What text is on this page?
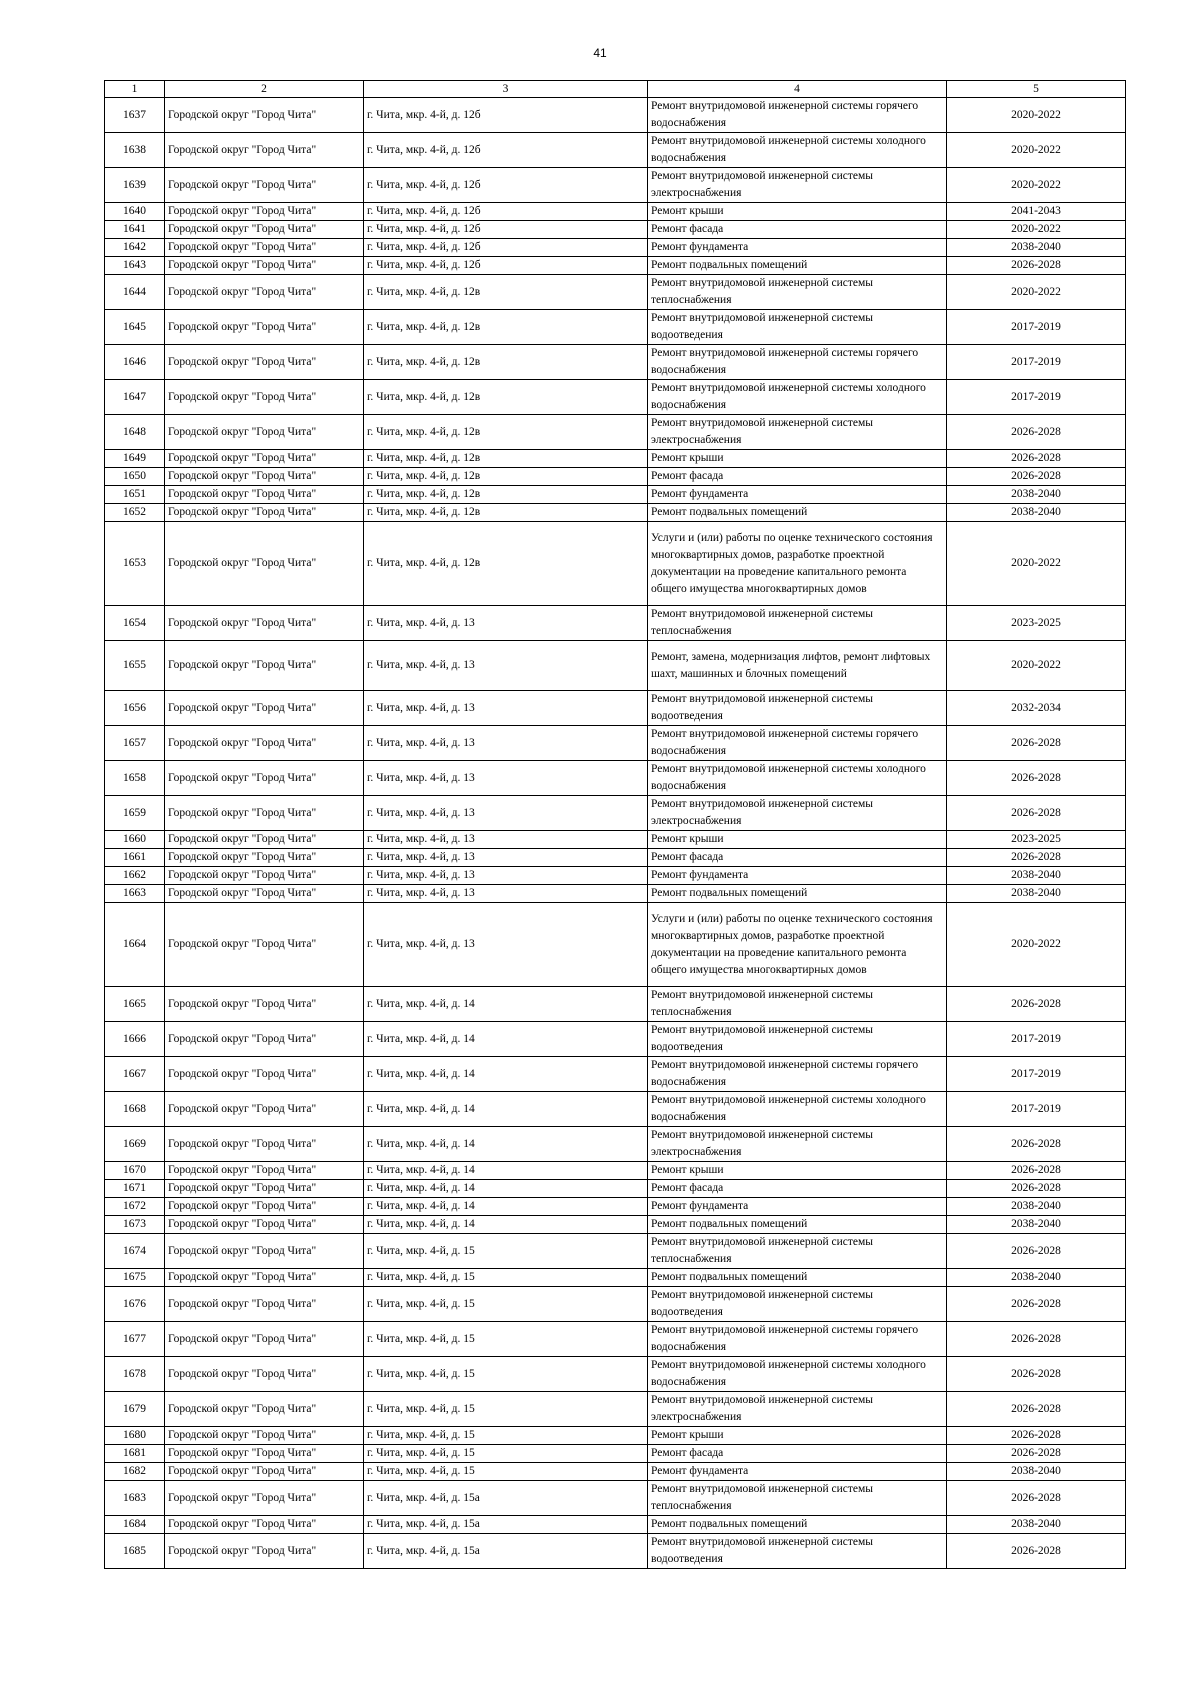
41
1	2	3	4	5
1637	Городской округ "Город Чита"	г. Чита, мкр. 4-й, д. 12б	Ремонт внутридомовой инженерной системы горячего водоснабжения	2020-2022
1638	Городской округ "Город Чита"	г. Чита, мкр. 4-й, д. 12б	Ремонт внутридомовой инженерной системы холодного водоснабжения	2020-2022
1639	Городской округ "Город Чита"	г. Чита, мкр. 4-й, д. 12б	Ремонт внутридомовой инженерной системы электроснабжения	2020-2022
1640	Городской округ "Город Чита"	г. Чита, мкр. 4-й, д. 12б	Ремонт крыши	2041-2043
1641	Городской округ "Город Чита"	г. Чита, мкр. 4-й, д. 12б	Ремонт фасада	2020-2022
1642	Городской округ "Город Чита"	г. Чита, мкр. 4-й, д. 12б	Ремонт фундамента	2038-2040
1643	Городской округ "Город Чита"	г. Чита, мкр. 4-й, д. 12б	Ремонт подвальных помещений	2026-2028
1644	Городской округ "Город Чита"	г. Чита, мкр. 4-й, д. 12в	Ремонт внутридомовой инженерной системы теплоснабжения	2020-2022
1645	Городской округ "Город Чита"	г. Чита, мкр. 4-й, д. 12в	Ремонт внутридомовой инженерной системы водоотведения	2017-2019
1646	Городской округ "Город Чита"	г. Чита, мкр. 4-й, д. 12в	Ремонт внутридомовой инженерной системы горячего водоснабжения	2017-2019
1647	Городской округ "Город Чита"	г. Чита, мкр. 4-й, д. 12в	Ремонт внутридомовой инженерной системы холодного водоснабжения	2017-2019
1648	Городской округ "Город Чита"	г. Чита, мкр. 4-й, д. 12в	Ремонт внутридомовой инженерной системы электроснабжения	2026-2028
1649	Городской округ "Город Чита"	г. Чита, мкр. 4-й, д. 12в	Ремонт крыши	2026-2028
1650	Городской округ "Город Чита"	г. Чита, мкр. 4-й, д. 12в	Ремонт фасада	2026-2028
1651	Городской округ "Город Чита"	г. Чита, мкр. 4-й, д. 12в	Ремонт фундамента	2038-2040
1652	Городской округ "Город Чита"	г. Чита, мкр. 4-й, д. 12в	Ремонт подвальных помещений	2038-2040
1653	Городской округ "Город Чита"	г. Чита, мкр. 4-й, д. 12в	Услуги и (или) работы по оценке технического состояния многоквартирных домов, разработке проектной документации на проведение капитального ремонта общего имущества многоквартирных домов	2020-2022
1654	Городской округ "Город Чита"	г. Чита, мкр. 4-й, д. 13	Ремонт внутридомовой инженерной системы теплоснабжения	2023-2025
1655	Городской округ "Город Чита"	г. Чита, мкр. 4-й, д. 13	Ремонт, замена, модернизация лифтов, ремонт лифтовых шахт, машинных и блочных помещений	2020-2022
1656	Городской округ "Город Чита"	г. Чита, мкр. 4-й, д. 13	Ремонт внутридомовой инженерной системы водоотведения	2032-2034
1657	Городской округ "Город Чита"	г. Чита, мкр. 4-й, д. 13	Ремонт внутридомовой инженерной системы горячего водоснабжения	2026-2028
1658	Городской округ "Город Чита"	г. Чита, мкр. 4-й, д. 13	Ремонт внутридомовой инженерной системы холодного водоснабжения	2026-2028
1659	Городской округ "Город Чита"	г. Чита, мкр. 4-й, д. 13	Ремонт внутридомовой инженерной системы электроснабжения	2026-2028
1660	Городской округ "Город Чита"	г. Чита, мкр. 4-й, д. 13	Ремонт крыши	2023-2025
1661	Городской округ "Город Чита"	г. Чита, мкр. 4-й, д. 13	Ремонт фасада	2026-2028
1662	Городской округ "Город Чита"	г. Чита, мкр. 4-й, д. 13	Ремонт фундамента	2038-2040
1663	Городской округ "Город Чита"	г. Чита, мкр. 4-й, д. 13	Ремонт подвальных помещений	2038-2040
1664	Городской округ "Город Чита"	г. Чита, мкр. 4-й, д. 13	Услуги и (или) работы по оценке технического состояния многоквартирных домов, разработке проектной документации на проведение капитального ремонта общего имущества многоквартирных домов	2020-2022
1665	Городской округ "Город Чита"	г. Чита, мкр. 4-й, д. 14	Ремонт внутридомовой инженерной системы теплоснабжения	2026-2028
1666	Городской округ "Город Чита"	г. Чита, мкр. 4-й, д. 14	Ремонт внутридомовой инженерной системы водоотведения	2017-2019
1667	Городской округ "Город Чита"	г. Чита, мкр. 4-й, д. 14	Ремонт внутридомовой инженерной системы горячего водоснабжения	2017-2019
1668	Городской округ "Город Чита"	г. Чита, мкр. 4-й, д. 14	Ремонт внутридомовой инженерной системы холодного водоснабжения	2017-2019
1669	Городской округ "Город Чита"	г. Чита, мкр. 4-й, д. 14	Ремонт внутридомовой инженерной системы электроснабжения	2026-2028
1670	Городской округ "Город Чита"	г. Чита, мкр. 4-й, д. 14	Ремонт крыши	2026-2028
1671	Городской округ "Город Чита"	г. Чита, мкр. 4-й, д. 14	Ремонт фасада	2026-2028
1672	Городской округ "Город Чита"	г. Чита, мкр. 4-й, д. 14	Ремонт фундамента	2038-2040
1673	Городской округ "Город Чита"	г. Чита, мкр. 4-й, д. 14	Ремонт подвальных помещений	2038-2040
1674	Городской округ "Город Чита"	г. Чита, мкр. 4-й, д. 15	Ремонт внутридомовой инженерной системы теплоснабжения	2026-2028
1675	Городской округ "Город Чита"	г. Чита, мкр. 4-й, д. 15	Ремонт подвальных помещений	2038-2040
1676	Городской округ "Город Чита"	г. Чита, мкр. 4-й, д. 15	Ремонт внутридомовой инженерной системы водоотведения	2026-2028
1677	Городской округ "Город Чита"	г. Чита, мкр. 4-й, д. 15	Ремонт внутридомовой инженерной системы горячего водоснабжения	2026-2028
1678	Городской округ "Город Чита"	г. Чита, мкр. 4-й, д. 15	Ремонт внутридомовой инженерной системы холодного водоснабжения	2026-2028
1679	Городской округ "Город Чита"	г. Чита, мкр. 4-й, д. 15	Ремонт внутридомовой инженерной системы электроснабжения	2026-2028
1680	Городской округ "Город Чита"	г. Чита, мкр. 4-й, д. 15	Ремонт крыши	2026-2028
1681	Городской округ "Город Чита"	г. Чита, мкр. 4-й, д. 15	Ремонт фасада	2026-2028
1682	Городской округ "Город Чита"	г. Чита, мкр. 4-й, д. 15	Ремонт фундамента	2038-2040
1683	Городской округ "Город Чита"	г. Чита, мкр. 4-й, д. 15а	Ремонт внутридомовой инженерной системы теплоснабжения	2026-2028
1684	Городской округ "Город Чита"	г. Чита, мкр. 4-й, д. 15а	Ремонт подвальных помещений	2038-2040
1685	Городской округ "Город Чита"	г. Чита, мкр. 4-й, д. 15а	Ремонт внутридомовой инженерной системы водоотведения	2026-2028
